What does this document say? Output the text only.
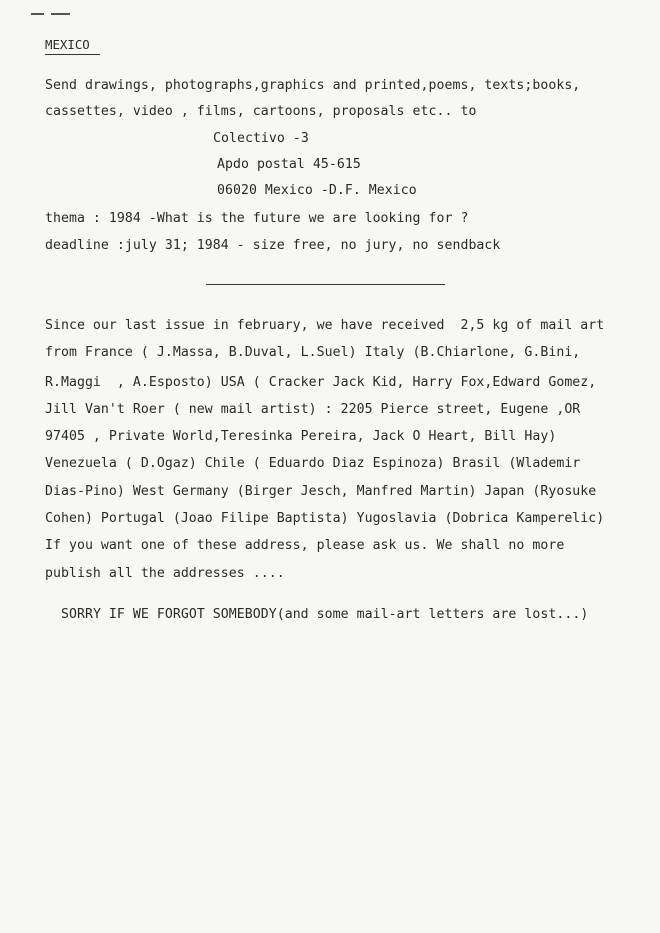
MEXICO
Send drawings, photographs,graphics and printed,poems, texts;books,
cassettes, video , films, cartoons, proposals etc.. to
Colectivo -3
Apdo postal 45-615
06020 Mexico -D.F. Mexico
thema : 1984 -What is the future we are looking for ?
deadline :july 31; 1984 - size free, no jury, no sendback
Since our last issue in february, we have received  2,5 kg of mail art
from France ( J.Massa, B.Duval, L.Suel) Italy (B.Chiarlone, G.Bini,
R.Maggi  , A.Esposto) USA ( Cracker Jack Kid, Harry Fox,Edward Gomez,
Jill Van't Roer ( new mail artist) : 2205 Pierce street, Eugene ,OR
97405 , Private World,Teresinka Pereira, Jack O Heart, Bill Hay)
Venezuela ( D.Ogaz) Chile ( Eduardo Diaz Espinoza) Brasil (Wlademir
Dias-Pino) West Germany (Birger Jesch, Manfred Martin) Japan (Ryosuke
Cohen) Portugal (Joao Filipe Baptista) Yugoslavia (Dobrica Kamperelic)
If you want one of these address, please ask us. We shall no more
publish all the addresses ....
SORRY IF WE FORGOT SOMEBODY(and some mail-art letters are lost...)
